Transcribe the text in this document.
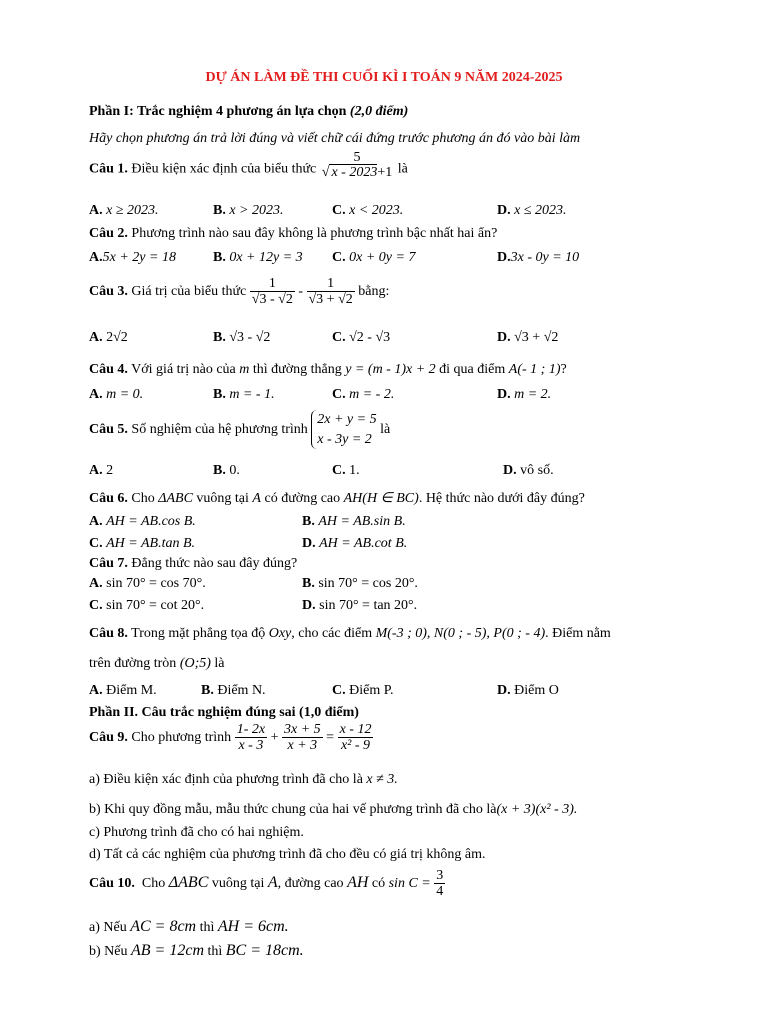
DỰ ÁN LÀM ĐỀ THI CUỐI KÌ I TOÁN 9 NĂM 2024-2025
Phần I: Trắc nghiệm 4 phương án lựa chọn (2,0 điểm)
Hãy chọn phương án trả lời đúng và viết chữ cái đứng trước phương án đó vào bài làm
Câu 1. Điều kiện xác định của biểu thức
5
√ x - 2023+1 là
A. x ≥ 2023.	B. x > 2023.	C. x < 2023.	D. x ≤ 2023.
Câu 2. Phương trình nào sau đây không là phương trình bậc nhất hai ẩn?
A.5x + 2y = 18	B. 0x + 12y = 3 C. 0x + 0y = 7	D.3x - 0y = 10
Câu 3. Giá trị của biểu thức $\frac{1}{√3 - √2} - \frac{1}{√3 + √2}$ bằng:
A. 2√2	B. √3 - √2	C. √2 - √3	D. √3 + √2
Câu 4. Với giá trị nào của m thì đường thẳng y = (m - 1)x + 2 đi qua điểm A(- 1 ; 1)?
A. m = 0.	B. m = - 1.	C. m = - 2.	D. m = 2.
Câu 5. Số nghiệm của hệ phương trình 2x + y = 5
x - 3y = 2 là
A. 2	B. 0.	C. 1.	D. vô số.
Câu 6. Cho ΔABC vuông tại A có đường cao AH(H ∈ BC). Hệ thức nào dưới đây đúng?
A. AH = AB.cos B.	B. AH = AB.sin B.
C. AH = AB.tan B.	D. AH = AB.cot B.
Câu 7. Đẳng thức nào sau đây đúng?
A. sin 70° = cos 70°.	B. sin 70° = cos 20°.
C. sin 70° = cot 20°.	D. sin 70° = tan 20°.
Câu 8. Trong mặt phẳng tọa độ Oxy, cho các điểm M(-3 ; 0), N(0 ; - 5), P(0 ; - 4). Điểm nằm
trên đường tròn (O;5) là
A. Điểm M.	B. Điểm N.	C. Điểm P.	D. Điểm O
Phần II. Câu trắc nghiệm đúng sai (1,0 điểm)
Câu 9. Cho phương trình $\frac{1- 2x}{x - 3} + \frac{3x + 5}{x + 3} = \frac{x - 12}{\text{x² - 9}}$
a) Điều kiện xác định của phương trình đã cho là x ≠ 3.
b) Khi quy đồng mẫu, mẫu thức chung của hai vế phương trình đã cho là(x + 3)(x² - 3).
c) Phương trình đã cho có hai nghiệm.
d) Tất cả các nghiệm của phương trình đã cho đều có giá trị không âm.
Câu 10. Cho ΔABC vuông tại A, đường cao AH có $\sin C = \frac{3}{4}$
a) Nếu AC = 8cm thì AH = 6cm.
b) Nếu AB = 12cm thì BC = 18cm.
